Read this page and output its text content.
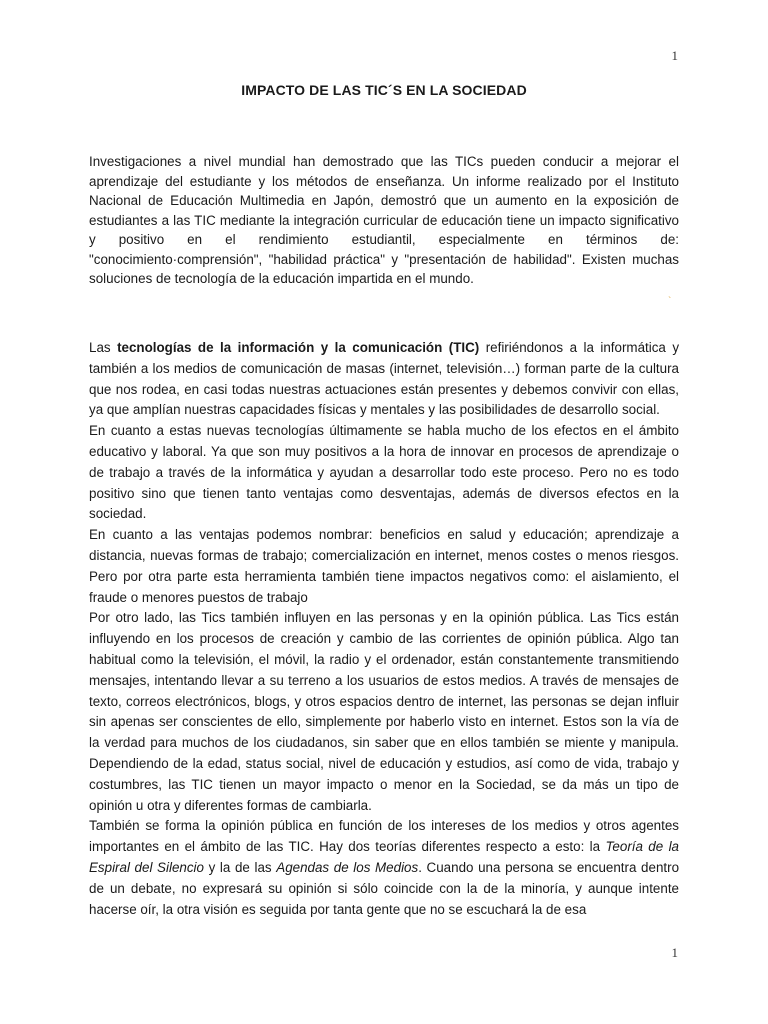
1
IMPACTO DE LAS TIC´S EN LA SOCIEDAD

Investigaciones a nivel mundial han demostrado que las TICs pueden conducir a mejorar el aprendizaje del estudiante y los métodos de enseñanza. Un informe realizado por el Instituto Nacional de Educación Multimedia en Japón, demostró que un aumento en la exposición de estudiantes a las TIC mediante la integración curricular de educación tiene un impacto significativo y positivo en el rendimiento estudiantil, especialmente en términos de: "conocimiento·comprensión", "habilidad práctica" y "presentación de habilidad". Existen muchas soluciones de tecnología de la educación impartida en el mundo.

`

Las tecnologías de la información y la comunicación (TIC) refiriéndonos a la informática y también a los medios de comunicación de masas (internet, televisión…) forman parte de la cultura que nos rodea, en casi todas nuestras actuaciones están presentes y debemos convivir con ellas, ya que amplían nuestras capacidades físicas y mentales y las posibilidades de desarrollo social.

En cuanto a estas nuevas tecnologías últimamente se habla mucho de los efectos en el ámbito educativo y laboral. Ya que son muy positivos a la hora de innovar en procesos de aprendizaje o de trabajo a través de la informática y ayudan a desarrollar todo este proceso. Pero no es todo positivo sino que tienen tanto ventajas como desventajas, además de diversos efectos en la sociedad.

En cuanto a las ventajas podemos nombrar: beneficios en salud y educación; aprendizaje a distancia, nuevas formas de trabajo; comercialización en internet, menos costes o menos riesgos. Pero por otra parte esta herramienta también tiene impactos negativos como: el aislamiento, el fraude o menores puestos de trabajo

Por otro lado, las Tics también influyen en las personas y en la opinión pública. Las Tics están influyendo en los procesos de creación y cambio de las corrientes de opinión pública. Algo tan habitual como la televisión, el móvil, la radio y el ordenador, están constantemente transmitiendo mensajes, intentando llevar a su terreno a los usuarios de estos medios. A través de mensajes de texto, correos electrónicos, blogs, y otros espacios dentro de internet, las personas se dejan influir sin apenas ser conscientes de ello, simplemente por haberlo visto en internet. Estos son la vía de la verdad para muchos de los ciudadanos, sin saber que en ellos también se miente y manipula. Dependiendo de la edad, status social, nivel de educación y estudios, así como de vida, trabajo y costumbres, las TIC tienen un mayor impacto o menor en la Sociedad, se da más un tipo de opinión u otra y diferentes formas de cambiarla.

También se forma la opinión pública en función de los intereses de los medios y otros agentes importantes en el ámbito de las TIC. Hay dos teorías diferentes respecto a esto: la Teoría de la Espiral del Silencio y la de las Agendas de los Medios. Cuando una persona se encuentra dentro de un debate, no expresará su opinión si sólo coincide con la de la minoría, y aunque intente hacerse oír, la otra visión es seguida por tanta gente que no se escuchará la de esa

1
